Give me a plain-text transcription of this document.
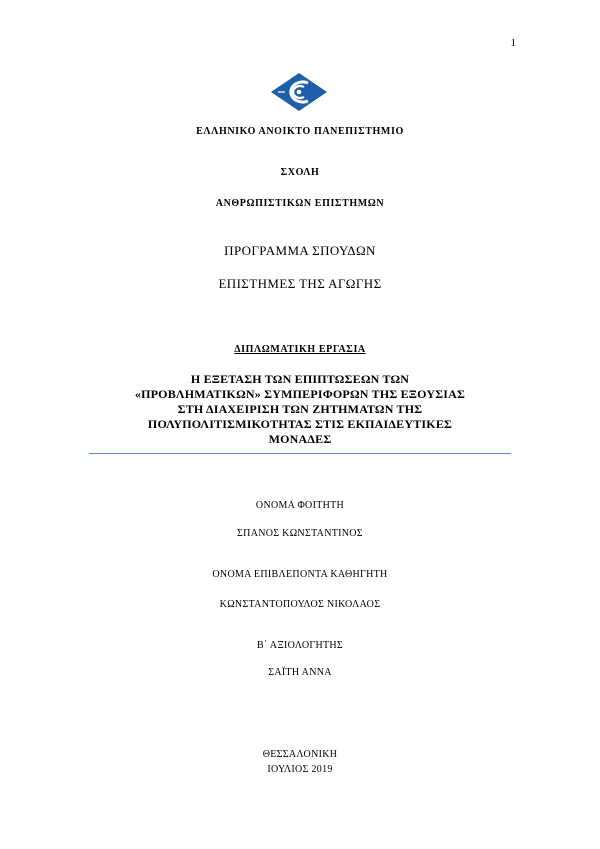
1
ΕΛΛΗΝΙΚΟ ΑΝΟΙΚΤΟ ΠΑΝΕΠΙΣΤΗΜΙΟ
ΣΧΟΛΗ
ΑΝΘΡΩΠΙΣΤΙΚΩΝ ΕΠΙΣΤΗΜΩΝ
ΠΡΟΓΡΑΜΜΑ ΣΠΟΥΔΩΝ
ΕΠΙΣΤΗΜΕΣ ΤΗΣ ΑΓΩΓΗΣ
ΔΙΠΛΩΜΑΤΙΚΗ ΕΡΓΑΣΙΑ
Η ΕΞΕΤΑΣΗ ΤΩΝ ΕΠΙΠΤΩΣΕΩΝ ΤΩΝ
«ΠΡΟΒΛΗΜΑΤΙΚΩΝ» ΣΥΜΠΕΡΙΦΟΡΩΝ ΤΗΣ ΕΞΟΥΣΙΑΣ
ΣΤΗ ΔΙΑΧΕΙΡΙΣΗ ΤΩΝ ΖΗΤΗΜΑΤΩΝ ΤΗΣ
ΠΟΛΥΠΟΛΙΤΙΣΜΙΚΟΤΗΤΑΣ ΣΤΙΣ ΕΚΠΑΙΔΕΥΤΙΚΕΣ
ΜΟΝΑΔΕΣ
ΟΝΟΜΑ ΦΟΙΤΗΤΗ
ΣΠΑΝΟΣ ΚΩΝΣΤΑΝΤΙΝΟΣ
ΟΝΟΜΑ ΕΠΙΒΛΕΠΟΝΤΑ ΚΑΘΗΓΗΤΗ
ΚΩΝΣΤΑΝΤΟΠΟΥΛΟΣ ΝΙΚΟΛΑΟΣ
Β΄ ΑΞΙΟΛΟΓΗΤΗΣ
ΣΑΪΤΗ ΑΝΝΑ
ΘΕΣΣΑΛΟΝΙΚΗ
ΙΟΥΛΙΟΣ 2019
